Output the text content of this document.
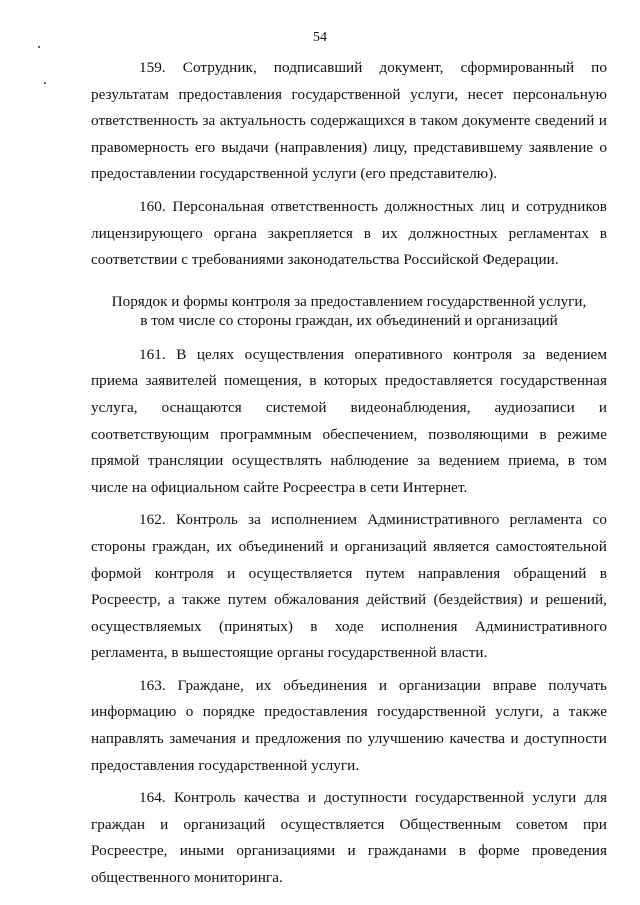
54

159. Сотрудник, подписавший документ, сформированный по результатам предоставления государственной услуги, несет персональную ответственность за актуальность содержащихся в таком документе сведений и правомерность его выдачи (направления) лицу, представившему заявление о предоставлении государственной услуги (его представителю).

160. Персональная ответственность должностных лиц и сотрудников лицензирующего органа закрепляется в их должностных регламентах в соответствии с требованиями законодательства Российской Федерации.

Порядок и формы контроля за предоставлением государственной услуги,
в том числе со стороны граждан, их объединений и организаций

161. В целях осуществления оперативного контроля за ведением приема заявителей помещения, в которых предоставляется государственная услуга, оснащаются системой видеонаблюдения, аудиозаписи и соответствующим программным обеспечением, позволяющими в режиме прямой трансляции осуществлять наблюдение за ведением приема, в том числе на официальном сайте Росреестра в сети Интернет.

162. Контроль за исполнением Административного регламента со стороны граждан, их объединений и организаций является самостоятельной формой контроля и осуществляется путем направления обращений в Росреестр, а также путем обжалования действий (бездействия) и решений, осуществляемых (принятых) в ходе исполнения Административного регламента, в вышестоящие органы государственной власти.

163. Граждане, их объединения и организации вправе получать информацию о порядке предоставления государственной услуги, а также направлять замечания и предложения по улучшению качества и доступности предоставления государственной услуги.

164. Контроль качества и доступности государственной услуги для граждан и организаций осуществляется Общественным советом при Росреестре, иными организациями и гражданами в форме проведения общественного мониторинга.
